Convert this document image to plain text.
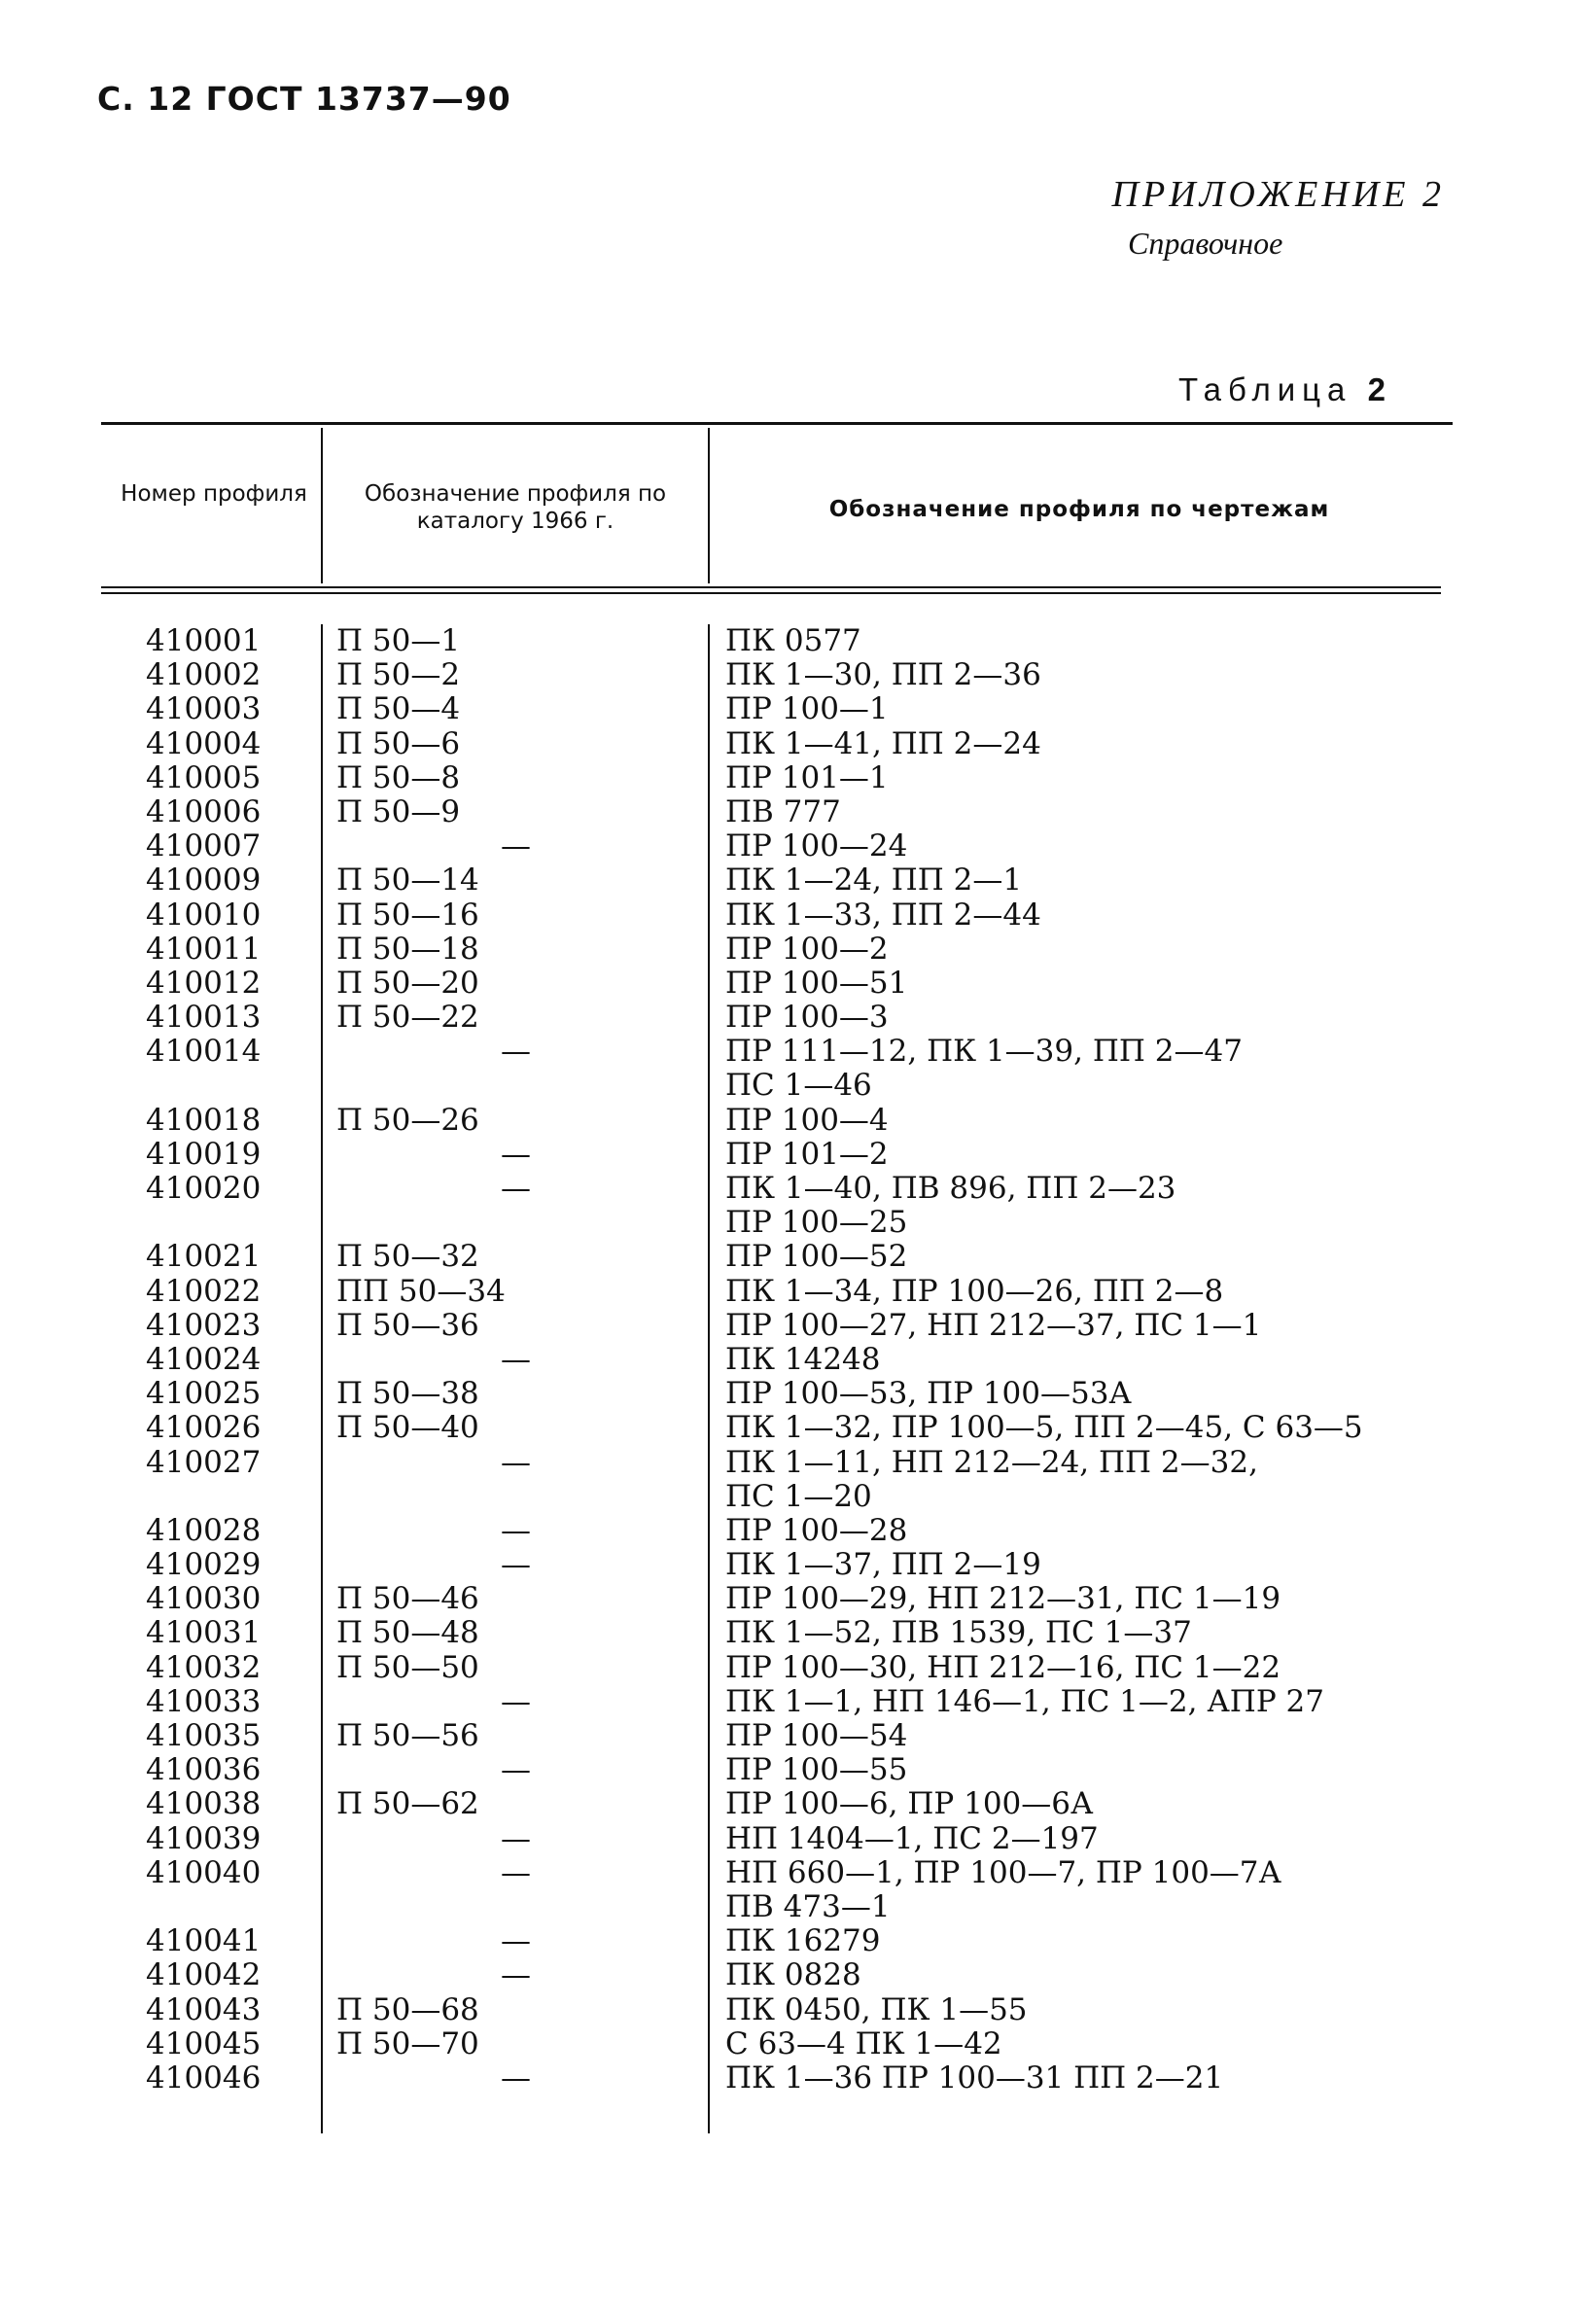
С. 12 ГОСТ 13737—90
ПРИЛОЖЕНИЕ 2
Справочное
Таблица 2
Номер профиля	Обозначение профиля по каталогу 1966 г.	Обозначение профиля по чертежам
410001	П 50—1	ПК 0577
410002	П 50—2	ПК 1—30, ПП 2—36
410003	П 50—4	ПР 100—1
410004	П 50—6	ПК 1—41, ПП 2—24
410005	П 50—8	ПР 101—1
410006	П 50—9	ПВ 777
410007	—	ПР 100—24
410009	П 50—14	ПК 1—24, ПП 2—1
410010	П 50—16	ПК 1—33, ПП 2—44
410011	П 50—18	ПР 100—2
410012	П 50—20	ПР 100—51
410013	П 50—22	ПР 100—3
410014	—	ПР 111—12, ПК 1—39, ПП 2—47
ПС 1—46
410018	П 50—26	ПР 100—4
410019	—	ПР 101—2
410020	—	ПК 1—40, ПВ 896, ПП 2—23
ПР 100—25
410021	П 50—32	ПР 100—52
410022	ПП 50—34	ПК 1—34, ПР 100—26, ПП 2—8
410023	П 50—36	ПР 100—27, НП 212—37, ПС 1—1
410024	—	ПК 14248
410025	П 50—38	ПР 100—53, ПР 100—53А
410026	П 50—40	ПК 1—32, ПР 100—5, ПП 2—45, С 63—5
410027	—	ПК 1—11, НП 212—24, ПП 2—32,
ПС 1—20
410028	—	ПР 100—28
410029	—	ПК 1—37, ПП 2—19
410030	П 50—46	ПР 100—29, НП 212—31, ПС 1—19
410031	П 50—48	ПК 1—52, ПВ 1539, ПС 1—37
410032	П 50—50	ПР 100—30, НП 212—16, ПС 1—22
410033	—	ПК 1—1, НП 146—1, ПС 1—2, АПР 27
410035	П 50—56	ПР 100—54
410036	—	ПР 100—55
410038	П 50—62	ПР 100—6, ПР 100—6А
410039	—	НП 1404—1, ПС 2—197
410040	—	НП 660—1, ПР 100—7, ПР 100—7А
ПВ 473—1
410041	—	ПК 16279
410042	—	ПК 0828
410043	П 50—68	ПК 0450, ПК 1—55
410045	П 50—70	С 63—4 ПК 1—42
410046	—	ПК 1—36 ПР 100—31 ПП 2—21
